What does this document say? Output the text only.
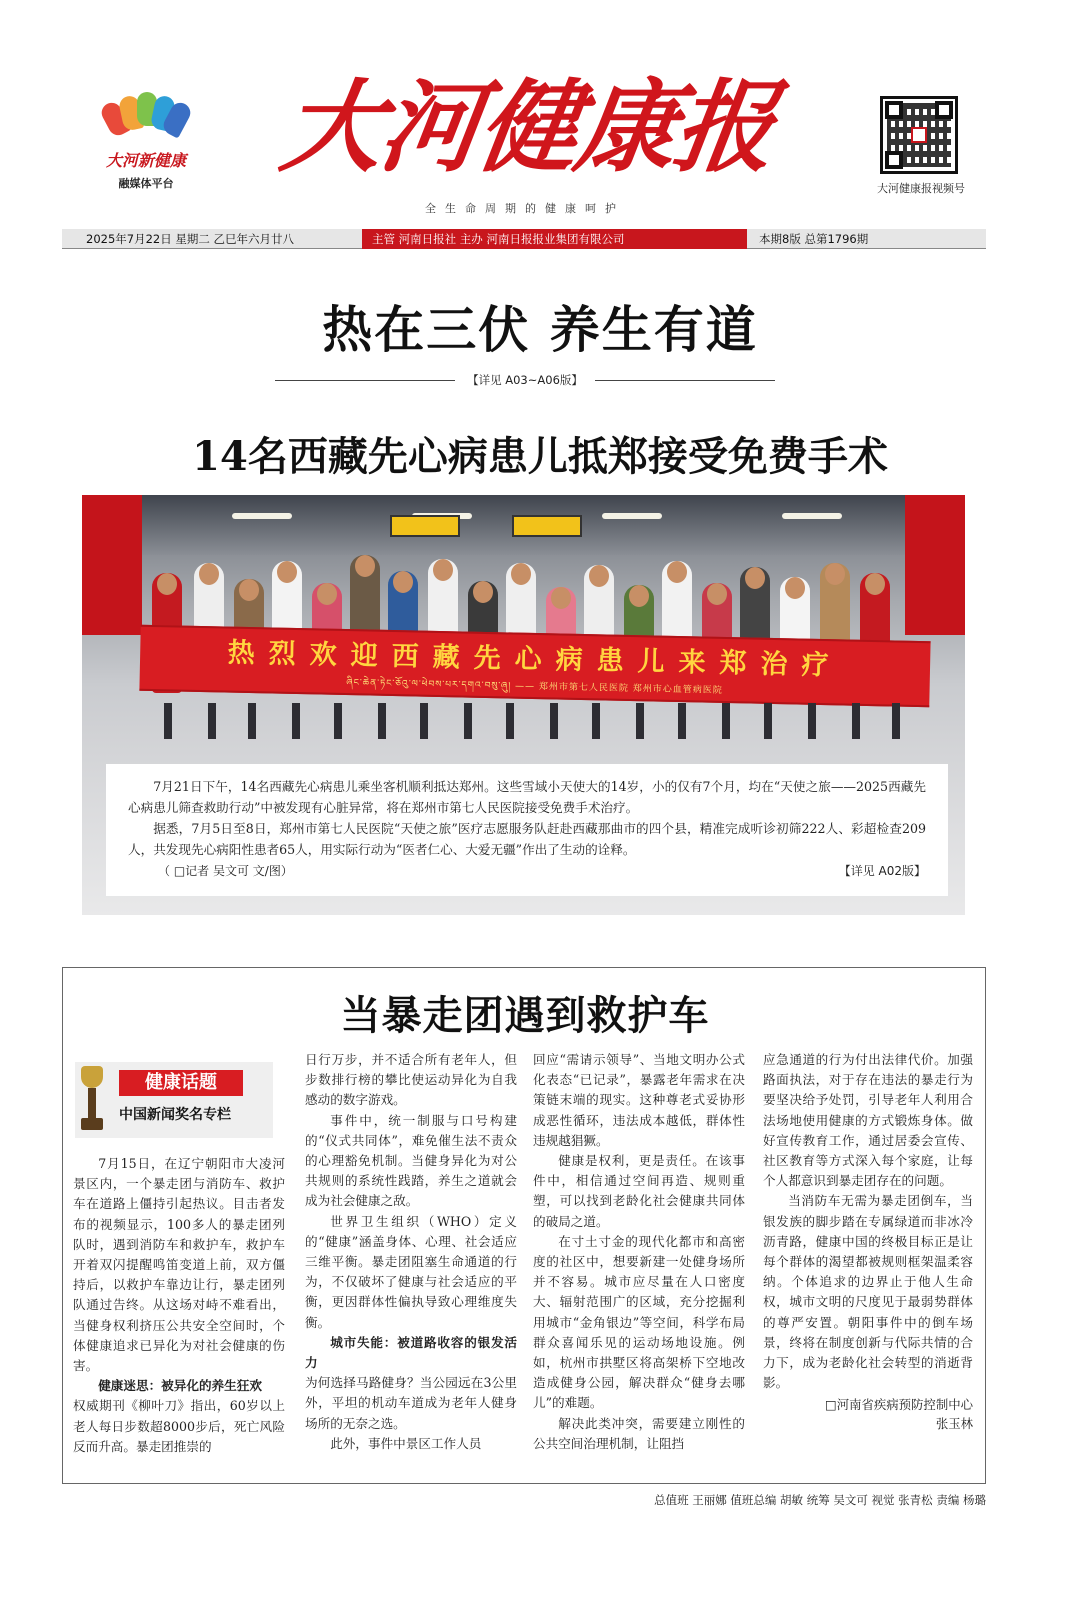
大河新健康
融媒体平台	大河健康报
全生命周期的健康呵护
大河健康报视频号
2025年7月22日 星期二 乙巳年六月廿八	主管 河南日报社 主办 河南日报报业集团有限公司	本期8版 总第1796期
热在三伏 养生有道
【详见 A03~A06版】
14名西藏先心病患儿抵郑接受免费手术
热烈欢迎西藏先心病患儿来郑治疗
ཞིང་ཆེན་ཏེང་ཅོའུ་ལ་ཕེབས་པར་དགའ་བསུ་ཞུ། —— 郑州市第七人民医院 郑州市心血管病医院

7月21日下午，14名西藏先心病患儿乘坐客机顺利抵达郑州。这些雪域小天使大的14岁，小的仅有7个月，均在“天使之旅——2025西藏先心病患儿筛查救助行动”中被发现有心脏异常，将在郑州市第七人民医院接受免费手术治疗。

据悉，7月5日至8日，郑州市第七人民医院“天使之旅”医疗志愿服务队赶赴西藏那曲市的四个县，精准完成听诊初筛222人、彩超检查209人，共发现先心病阳性患者65人，用实际行动为“医者仁心、大爱无疆”作出了生动的诠释。

（ □记者 吴文可 文/图）	【详见 A02版】
当暴走团遇到救护车
健康话题
中国新闻奖名专栏

7月15日，在辽宁朝阳市大凌河景区内，一个暴走团与消防车、救护车在道路上僵持引起热议。目击者发布的视频显示，100多人的暴走团列队时，遇到消防车和救护车，救护车开着双闪提醒鸣笛变道上前，双方僵持后，以救护车靠边让行，暴走团列队通过告终。从这场对峙不难看出，当健身权利挤压公共安全空间时，个体健康追求已异化为对社会健康的伤害。

健康迷思：被异化的养生狂欢

权威期刊《柳叶刀》指出，60岁以上老人每日步数超8000步后，死亡风险反而升高。暴走团推崇的

日行万步，并不适合所有老年人，但步数排行榜的攀比使运动异化为自我感动的数字游戏。

事件中，统一制服与口号构建的“仪式共同体”，难免催生法不责众的心理豁免机制。当健身异化为对公共规则的系统性践踏，养生之道就会成为社会健康之敌。

世界卫生组织（WHO）定义的“健康”涵盖身体、心理、社会适应三维平衡。暴走团阻塞生命通道的行为，不仅破坏了健康与社会适应的平衡，更因群体性偏执导致心理维度失衡。

城市失能：被道路收容的银发活力

为何选择马路健身？当公园远在3公里外，平坦的机动车道成为老年人健身场所的无奈之选。

此外，事件中景区工作人员

回应“需请示领导”、当地文明办公式化表态“已记录”，暴露老年需求在决策链末端的现实。这种尊老式妥协形成恶性循环，违法成本越低，群体性违规越猖獗。

健康是权利，更是责任。在该事件中，相信通过空间再造、规则重塑，可以找到老龄化社会健康共同体的破局之道。

在寸土寸金的现代化都市和高密度的社区中，想要新建一处健身场所并不容易。城市应尽量在人口密度大、辐射范围广的区域，充分挖掘利用城市“金角银边”等空间，科学布局群众喜闻乐见的运动场地设施。例如，杭州市拱墅区将高架桥下空地改造成健身公园，解决群众“健身去哪儿”的难题。

解决此类冲突，需要建立刚性的公共空间治理机制，让阻挡

应急通道的行为付出法律代价。加强路面执法，对于存在违法的暴走行为要坚决给予处罚，引导老年人利用合法场地使用健康的方式锻炼身体。做好宣传教育工作，通过居委会宣传、社区教育等方式深入每个家庭，让每个人都意识到暴走团存在的问题。

当消防车无需为暴走团倒车，当银发族的脚步踏在专属绿道而非冰冷沥青路，健康中国的终极目标正是让每个群体的渴望都被规则框架温柔容纳。个体追求的边界止于他人生命权，城市文明的尺度见于最弱势群体的尊严安置。朝阳事件中的倒车场景，终将在制度创新与代际共情的合力下，成为老龄化社会转型的消逝背影。

□河南省疾病预防控制中心
张玉林
总值班 王丽娜 值班总编 胡敏 统筹 吴文可 视觉 张青松 责编 杨璐
